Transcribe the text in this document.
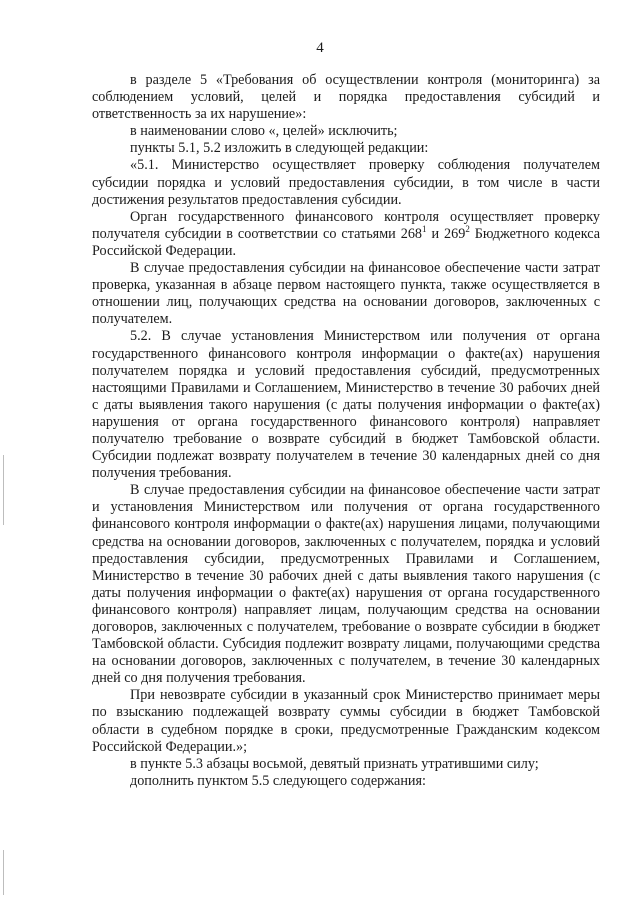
4

в разделе 5 «Требования об осуществлении контроля (мониторинга) за соблюдением условий, целей и порядка предоставления субсидий и ответственность за их нарушение»:

в наименовании слово «, целей» исключить;

пункты 5.1, 5.2 изложить в следующей редакции:

«5.1. Министерство осуществляет проверку соблюдения получателем субсидии порядка и условий предоставления субсидии, в том числе в части достижения результатов предоставления субсидии.

Орган государственного финансового контроля осуществляет проверку получателя субсидии в соответствии со статьями $268^1$ и $269^2$ Бюджетного кодекса Российской Федерации.

В случае предоставления субсидии на финансовое обеспечение части затрат проверка, указанная в абзаце первом настоящего пункта, также осуществляется в отношении лиц, получающих средства на основании договоров, заключенных с получателем.

5.2. В случае установления Министерством или получения от органа государственного финансового контроля информации о факте(ах) нарушения получателем порядка и условий предоставления субсидий, предусмотренных настоящими Правилами и Соглашением, Министерство в течение 30 рабочих дней с даты выявления такого нарушения (с даты получения информации о факте(ах) нарушения от органа государственного финансового контроля) направляет получателю требование о возврате субсидий в бюджет Тамбовской области. Субсидии подлежат возврату получателем в течение 30 календарных дней со дня получения требования.

В случае предоставления субсидии на финансовое обеспечение части затрат и установления Министерством или получения от органа государственного финансового контроля информации о факте(ах) нарушения лицами, получающими средства на основании договоров, заключенных с получателем, порядка и условий предоставления субсидии, предусмотренных Правилами и Соглашением, Министерство в течение 30 рабочих дней с даты выявления такого нарушения (с даты получения информации о факте(ах) нарушения от органа государственного финансового контроля) направляет лицам, получающим средства на основании договоров, заключенных с получателем, требование о возврате субсидии в бюджет Тамбовской области. Субсидия подлежит возврату лицами, получающими средства на основании договоров, заключенных с получателем, в течение 30 календарных дней со дня получения требования.

При невозврате субсидии в указанный срок Министерство принимает меры по взысканию подлежащей возврату суммы субсидии в бюджет Тамбовской области в судебном порядке в сроки, предусмотренные Гражданским кодексом Российской Федерации.»;

в пункте 5.3 абзацы восьмой, девятый признать утратившими силу;

дополнить пунктом 5.5 следующего содержания:
